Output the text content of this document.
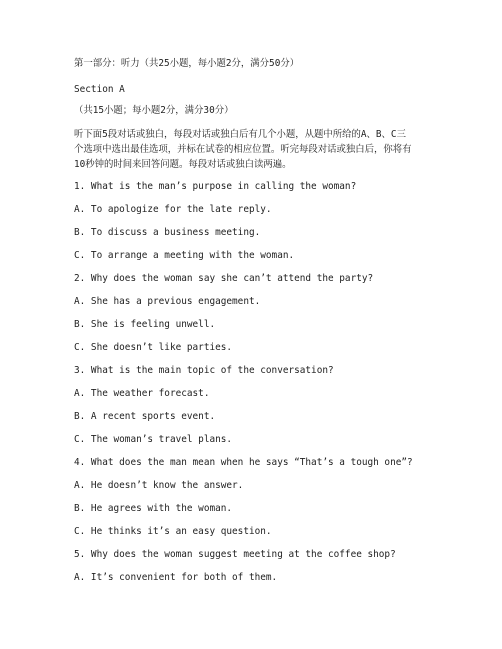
第一部分：听力（共25小题，每小题2分，满分50分）
Section A
（共15小题；每小题2分，满分30分）
听下面5段对话或独白，每段对话或独白后有几个小题，从题中所给的A、B、C三
个选项中选出最佳选项，并标在试卷的相应位置。听完每段对话或独白后，你将有
10秒钟的时间来回答问题。每段对话或独白读两遍。
1. What is the man’s purpose in calling the woman?
A. To apologize for the late reply.
B. To discuss a business meeting.
C. To arrange a meeting with the woman.
2. Why does the woman say she can’t attend the party?
A. She has a previous engagement.
B. She is feeling unwell.
C. She doesn’t like parties.
3. What is the main topic of the conversation?
A. The weather forecast.
B. A recent sports event.
C. The woman’s travel plans.
4. What does the man mean when he says “That’s a tough one”?
A. He doesn’t know the answer.
B. He agrees with the woman.
C. He thinks it’s an easy question.
5. Why does the woman suggest meeting at the coffee shop?
A. It’s convenient for both of them.
